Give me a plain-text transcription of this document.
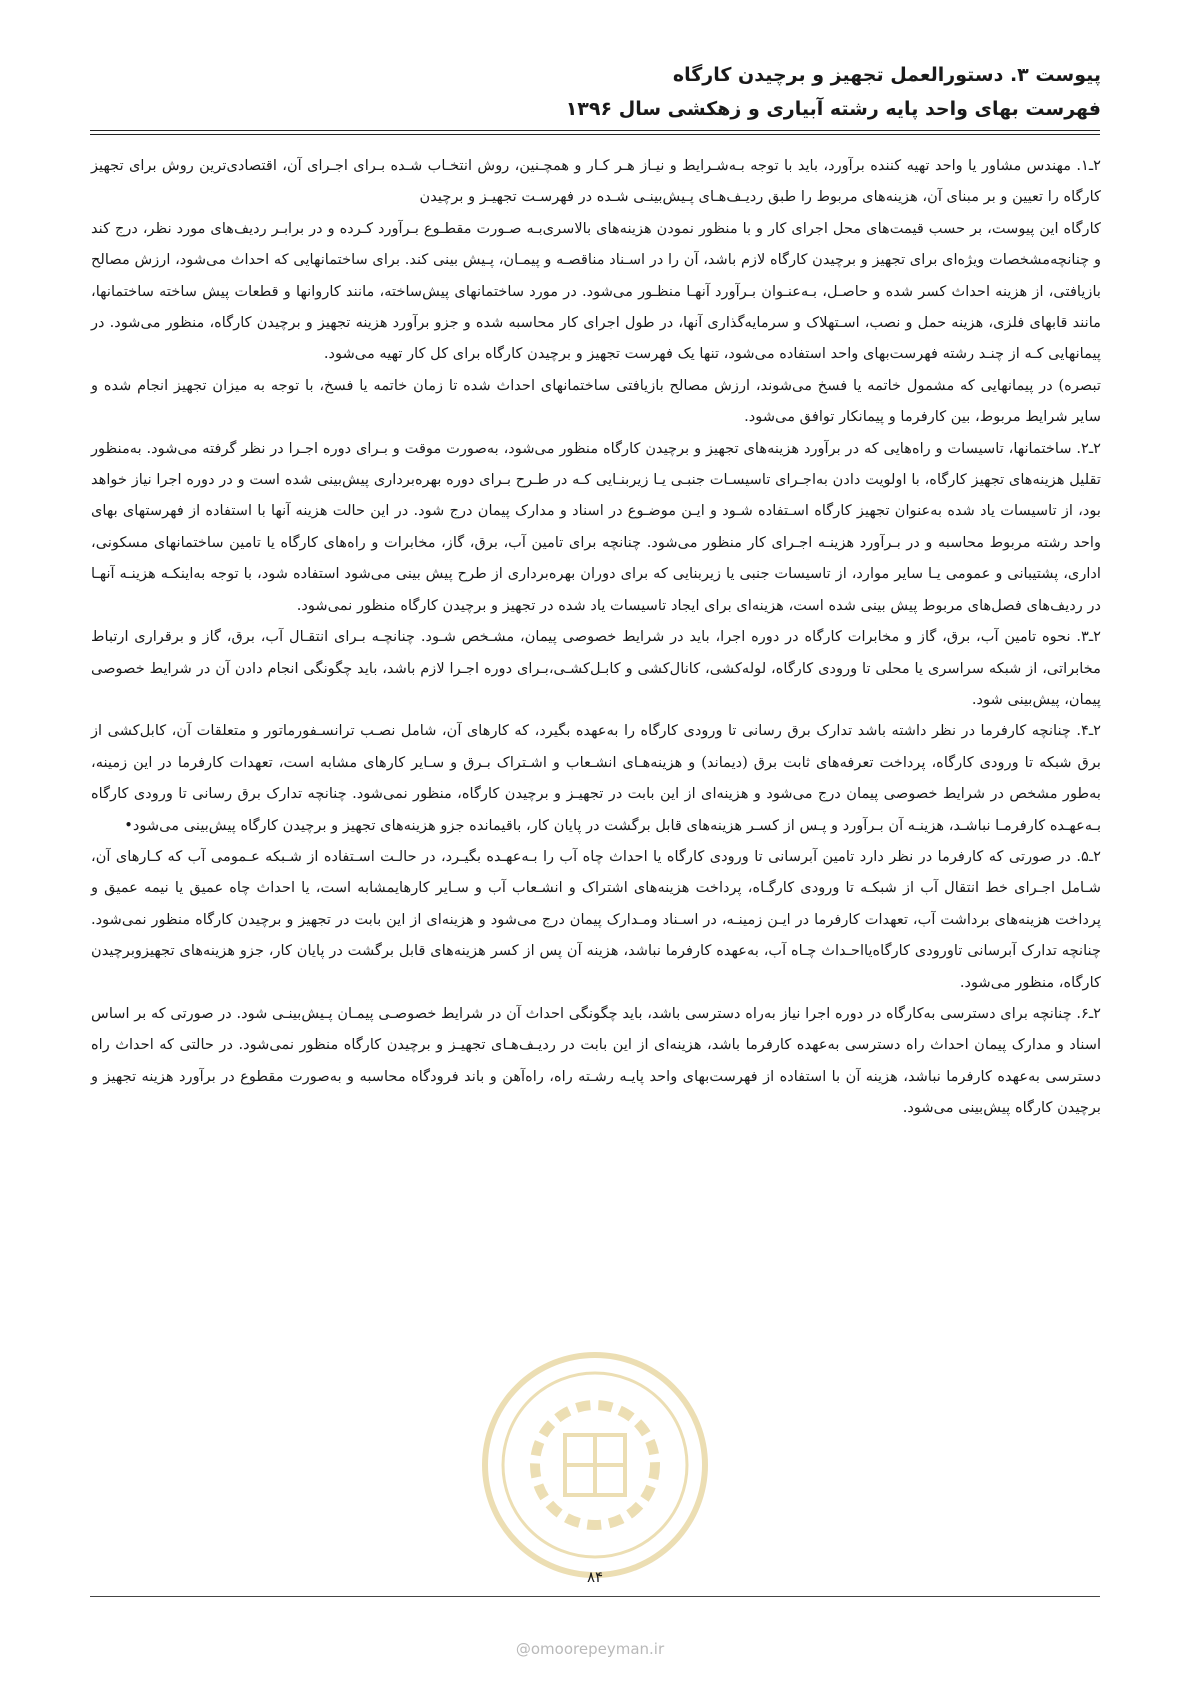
پیوست ۳. دستورالعمل تجهیز و برچیدن کارگاه
فهرست بهای واحد پایه رشته آبیاری و زهکشی سال ۱۳۹۶

۲ـ۱. مهندس مشاور یا واحد تهیه کننده برآورد، باید با توجه بـه‌شـرایط و نیـاز هـر کـار و همچـنین، روش انتخـاب شـده بـرای اجـرای آن، اقتصادی‌ترین روش برای تجهیز کارگاه را تعیین و بر مبنای آن، هزینه‌های مربوط را طبق ردیـف‌هـای پـیش‌بینـی شـده در فهرسـت تجهیـز و برچیدن

کارگاه این پیوست، بر حسب قیمت‌های محل اجرای کار و با منظور نمودن هزینه‌های بالاسری‌بـه صـورت مقطـوع بـرآورد کـرده و در برابـر ردیف‌های مورد نظر، درج کند و چنانچه‌مشخصات ویژه‌ای برای تجهیز و برچیدن کارگاه لازم باشد، آن را در اسـناد مناقصـه و پیمـان، پـیش بینی کند. برای ساختمانهایی که احداث می‌شود، ارزش مصالح بازیافتی، از هزینه احداث کسر شده و حاصـل، بـه‌عنـوان بـرآورد آنهـا منظـور می‌شود. در مورد ساختمانهای پیش‌ساخته، مانند کاروانها و قطعات پیش ساخته ساختمانها، مانند قابهای فلزی، هزینه حمل و نصب، اسـتهلاک و سرمایه‌گذاری آنها، در طول اجرای کار محاسبه شده و جزو برآورد هزینه تجهیز و برچیدن کارگاه، منظور می‌شود. در پیمانهایی کـه از چنـد رشته فهرست‌بهای واحد استفاده می‌شود، تنها یک فهرست تجهیز و برچیدن کارگاه برای کل کار تهیه می‌شود.

تبصره) در پیمانهایی که مشمول خاتمه یا فسخ می‌شوند، ارزش مصالح بازیافتی ساختمانهای احداث شده تا زمان خاتمه یا فسخ، با توجه به میزان تجهیز انجام شده و سایر شرایط مربوط، بین کارفرما و پیمانکار توافق می‌شود.

۲ـ۲. ساختمانها، تاسیسات و راه‌هایی که در برآورد هزینه‌های تجهیز و برچیدن کارگاه منظور می‌شود، به‌صورت موقت و بـرای دوره اجـرا در نظر گرفته می‌شود. به‌منظور تقلیل هزینه‌های تجهیز کارگاه، با اولویت دادن به‌اجـرای تاسیسـات جنبـی یـا زیربنـایی کـه در طـرح بـرای دوره بهره‌برداری پیش‌بینی شده است و در دوره اجرا نیاز خواهد بود، از تاسیسات یاد شده به‌عنوان تجهیز کارگاه اسـتفاده شـود و ایـن موضـوع در اسناد و مدارک پیمان درج شود. در این حالت هزینه آنها با استفاده از فهرستهای بهای واحد رشته مربوط محاسبه و در بـرآورد هزینـه اجـرای کار منظور می‌شود. چنانچه برای تامین آب، برق، گاز، مخابرات و راه‌های کارگاه یا تامین ساختمانهای مسکونی، اداری، پشتیبانی و عمومی یـا سایر موارد، از تاسیسات جنبی یا زیربنایی که برای دوران بهره‌برداری از طرح پیش بینی می‌شود استفاده شود، با توجه به‌اینکـه هزینـه آنهـا در ردیف‌های فصل‌های مربوط پیش بینی شده است، هزینه‌ای برای ایجاد تاسیسات یاد شده در تجهیز و برچیدن کارگاه منظور نمی‌شود.

۲ـ۳. نحوه تامین آب، برق، گاز و مخابرات کارگاه در دوره اجرا، باید در شرایط خصوصی پیمان، مشـخص شـود. چنانچـه بـرای انتقـال آب، برق، گاز و برقراری ارتباط مخابراتی، از شبکه سراسری یا محلی تا ورودی کارگاه، لوله‌کشی، کانال‌کشی و کابـل‌کشـی،بـرای دوره اجـرا لازم باشد، باید چگونگی انجام دادن آن در شرایط خصوصی پیمان، پیش‌بینی شود.

۲ـ۴. چنانچه کارفرما در نظر داشته باشد تدارک برق رسانی تا ورودی کارگاه را به‌عهده بگیرد، که کارهای آن، شامل نصـب ترانسـفورماتور و متعلقات آن، کابل‌کشی از برق شبکه تا ورودی کارگاه، پرداخت تعرفه‌های ثابت برق (دیماند) و هزینه‌هـای انشـعاب و اشـتراک بـرق و سـایر کارهای مشابه است، تعهدات کارفرما در این زمینه، به‌طور مشخص در شرایط خصوصی پیمان درج می‌شود و هزینه‌ای از این بابت در تجهیـز و برچیدن کارگاه، منظور نمی‌شود. چنانچه تدارک برق رسانی تا ورودی کارگاه بـه‌عهـده کارفرمـا نباشـد، هزینـه آن بـرآورد و پـس از کسـر هزینه‌های قابل برگشت در پایان کار، باقیمانده جزو هزینه‌های تجهیز و برچیدن کارگاه پیش‌بینی می‌شود•

۲ـ۵. در صورتی که کارفرما در نظر دارد تامین آبرسانی تا ورودی کارگاه یا احداث چاه آب را بـه‌عهـده بگیـرد، در حالـت اسـتفاده از شـبکه عـمومی آب که کـارهای آن، شـامل اجـرای خط انتقال آب از شبکـه تا ورودی کارگـاه، پرداخت هزینه‌های اشتراک و انشـعاب آب و سـایر کارهایمشابه است، یا احداث چاه عمیق یا نیمه عمیق و پرداخت هزینه‌های برداشت آب، تعهدات کارفرما در ایـن زمینـه، در اسـناد ومـدارک پیمان درج می‌شود و هزینه‌ای از این بابت در تجهیز و برچیدن کارگاه منظور نمی‌شود. چنانچه تدارک آبرسانی تاورودی کارگاه‌یااحـداث چـاه آب، به‌عهده کارفرما نباشد، هزینه آن پس از کسر هزینه‌های قابل برگشت در پایان کار، جزو هزینه‌های تجهیزوبرچیدن کارگاه، منظور می‌شود.

۲ـ۶. چنانچه برای دسترسی به‌کارگاه در دوره اجرا نیاز به‌راه دسترسی باشد، باید چگونگی احداث آن در شرایط خصوصـی پیمـان پـیش‌بینـی شود. در صورتی که بر اساس اسناد و مدارک پیمان احداث راه دسترسی به‌عهده کارفرما باشد، هزینه‌ای از این بابت در ردیـف‌هـای تجهیـز و برچیدن کارگاه منظور نمی‌شود. در حالتی که احداث راه دسترسی به‌عهده کارفرما نباشد، هزینه آن با استفاده از فهرست‌بهای واحد پایـه رشـته راه، راه‌آهن و باند فرودگاه محاسبه و به‌صورت مقطوع در برآورد هزینه تجهیز و برچیدن کارگاه پیش‌بینی می‌شود.

۸۴
@omoorepeyman.ir
